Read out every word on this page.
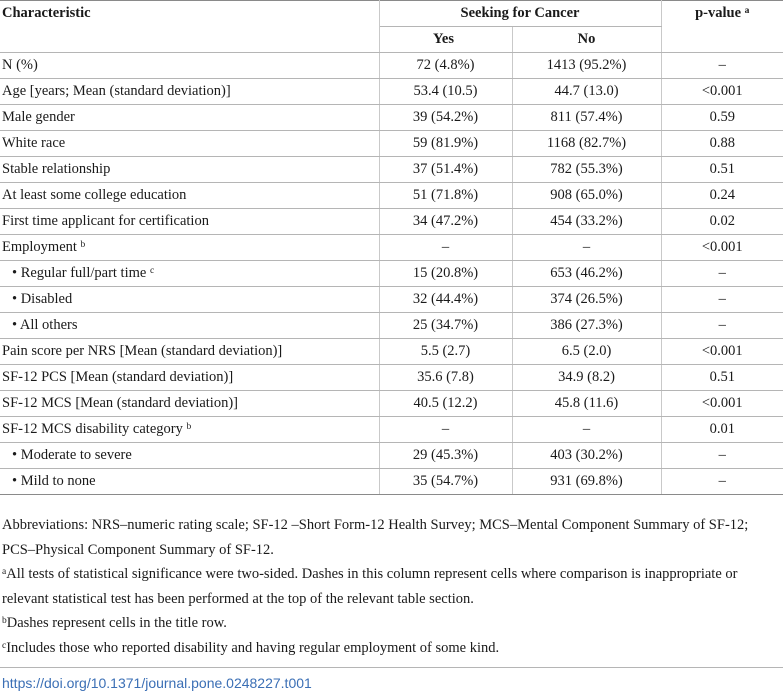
Characteristic	Seeking for Cancer		p-value $^a$
	Yes	No	
N (%)	72 (4.8%)	1413 (95.2%)	–
Age [years; Mean (standard deviation)]	53.4 (10.5)	44.7 (13.0)	<0.001
Male gender	39 (54.2%)	811 (57.4%)	0.59
White race	59 (81.9%)	1168 (82.7%)	0.88
Stable relationship	37 (51.4%)	782 (55.3%)	0.51
At least some college education	51 (71.8%)	908 (65.0%)	0.24
First time applicant for certification	34 (47.2%)	454 (33.2%)	0.02
Employment $^b$	–	–	<0.001
• Regular full/part time $^c$	15 (20.8%)	653 (46.2%)	–
• Disabled	32 (44.4%)	374 (26.5%)	–
• All others	25 (34.7%)	386 (27.3%)	–
Pain score per NRS [Mean (standard deviation)]	5.5 (2.7)	6.5 (2.0)	<0.001
SF-12 PCS [Mean (standard deviation)]	35.6 (7.8)	34.9 (8.2)	0.51
SF-12 MCS [Mean (standard deviation)]	40.5 (12.2)	45.8 (11.6)	<0.001
SF-12 MCS disability category $^b$	–	–	0.01
• Moderate to severe	29 (45.3%)	403 (30.2%)	–
• Mild to none	35 (54.7%)	931 (69.8%)	–

Abbreviations: NRS–numeric rating scale; SF-12 –Short Form-12 Health Survey; MCS–Mental Component Summary of SF-12; PCS–Physical Component Summary of SF-12.

$^a$All tests of statistical significance were two-sided. Dashes in this column represent cells where comparison is inappropriate or relevant statistical test has been performed at the top of the relevant table section.

$^b$Dashes represent cells in the title row.

$^c$Includes those who reported disability and having regular employment of some kind.

https://doi.org/10.1371/journal.pone.0248227.t001
